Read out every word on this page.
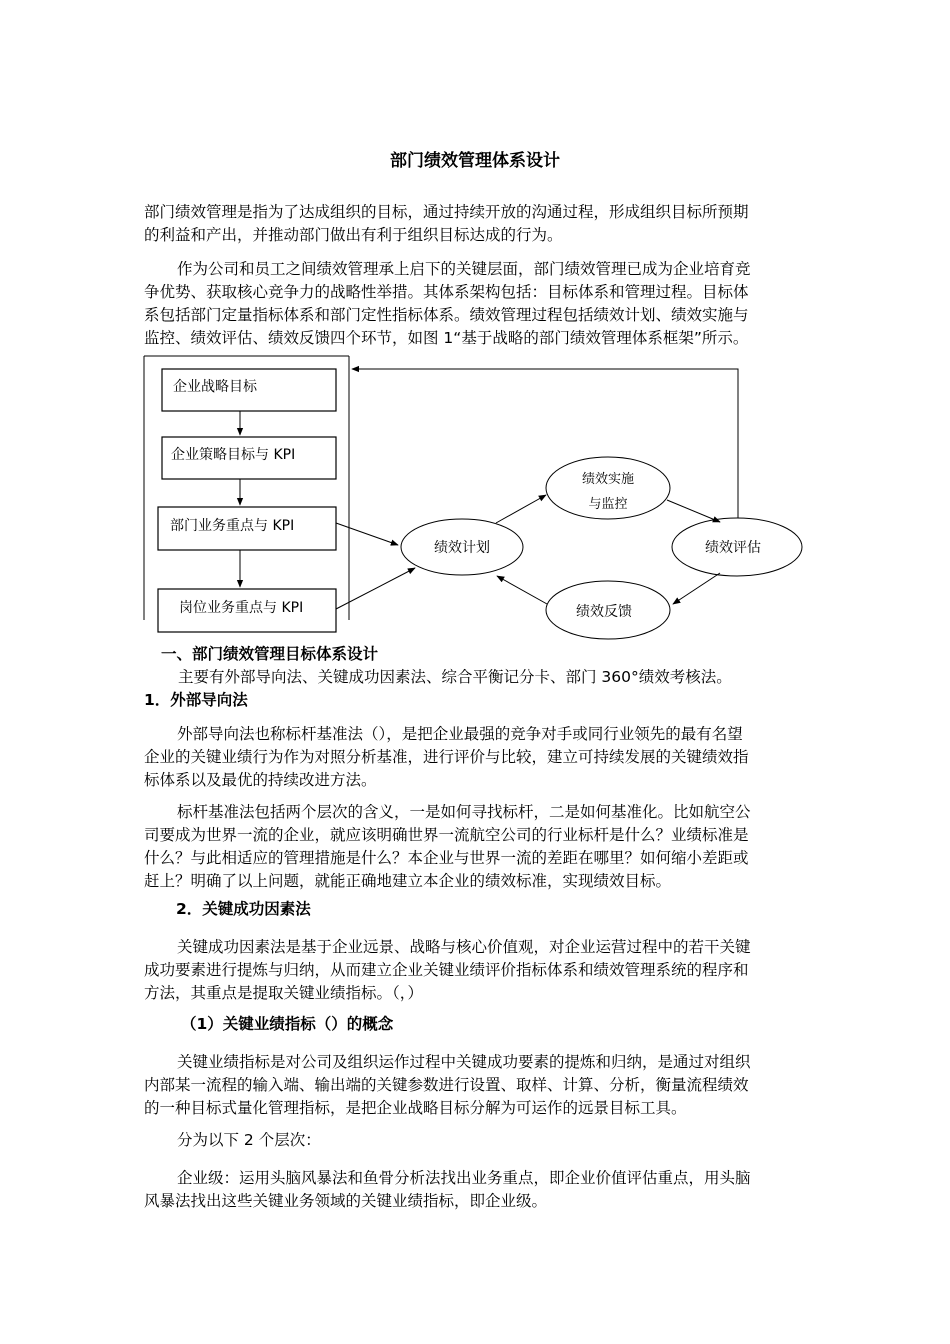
部门绩效管理体系设计
部门绩效管理是指为了达成组织的目标，通过持续开放的沟通过程，形成组织目标所预期
的利益和产出，并推动部门做出有利于组织目标达成的行为。
作为公司和员工之间绩效管理承上启下的关键层面，部门绩效管理已成为企业培育竞
争优势、获取核心竞争力的战略性举措。其体系架构包括：目标体系和管理过程。目标体
系包括部门定量指标体系和部门定性指标体系。绩效管理过程包括绩效计划、绩效实施与
监控、绩效评估、绩效反馈四个环节，如图 1“基于战略的部门绩效管理体系框架”所示。
企业战略目标
企业策略目标与 KPI
部门业务重点与 KPI
岗位业务重点与 KPI
绩效计划
绩效实施
与监控
绩效评估
绩效反馈

一、部门绩效管理目标体系设计

主要有外部导向法、关键成功因素法、综合平衡记分卡、部门 360°绩效考核法。

1．外部导向法

外部导向法也称标杆基准法（），是把企业最强的竞争对手或同行业领先的最有名望
企业的关键业绩行为作为对照分析基准，进行评价与比较，建立可持续发展的关键绩效指
标体系以及最优的持续改进方法。
标杆基准法包括两个层次的含义，一是如何寻找标杆，二是如何基准化。比如航空公
司要成为世界一流的企业，就应该明确世界一流航空公司的行业标杆是什么？业绩标准是
什么？与此相适应的管理措施是什么？本企业与世界一流的差距在哪里？如何缩小差距或
赶上？明确了以上问题，就能正确地建立本企业的绩效标准，实现绩效目标。

2．关键成功因素法

关键成功因素法是基于企业远景、战略与核心价值观，对企业运营过程中的若干关键
成功要素进行提炼与归纳，从而建立企业关键业绩评价指标体系和绩效管理系统的程序和
方法，其重点是提取关键业绩指标。（，）

（1）关键业绩指标（）的概念

关键业绩指标是对公司及组织运作过程中关键成功要素的提炼和归纳，是通过对组织
内部某一流程的输入端、输出端的关键参数进行设置、取样、计算、分析，衡量流程绩效
的一种目标式量化管理指标，是把企业战略目标分解为可运作的远景目标工具。

分为以下 2 个层次：

企业级：运用头脑风暴法和鱼骨分析法找出业务重点，即企业价值评估重点，用头脑
风暴法找出这些关键业务领域的关键业绩指标，即企业级。
